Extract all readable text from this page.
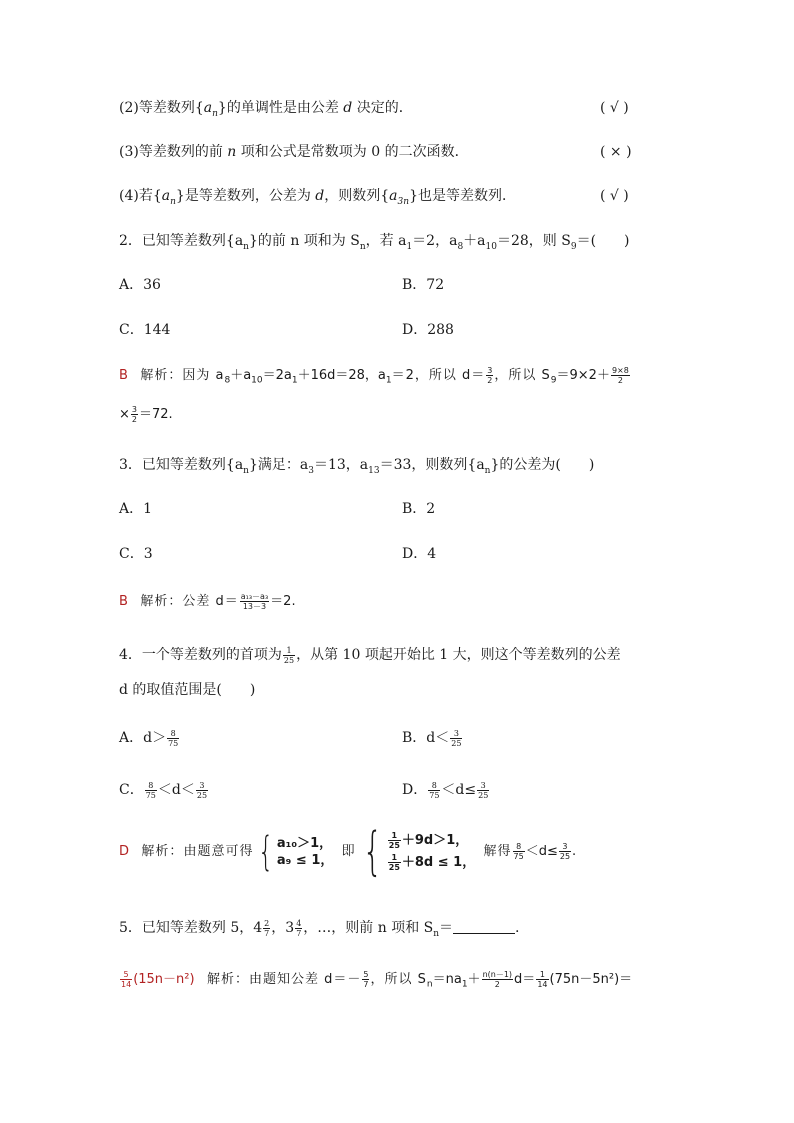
(2)等差数列$\{a_n\}$的单调性是由公差 d 决定的．	( √ )
(3)等差数列的前 n 项和公式是常数项为 0 的二次函数．	( × )
(4)若$\{a_n\}$是等差数列，公差为 d，则数列$\{a_{3n}\}$也是等差数列．	( √ )
2．已知等差数列$\{a_n\}$的前 n 项和为 $S_n$，若 $a_1=2$，$a_8+a_{10}=28$，则 $S_9=$(　　)
A．36	B．72
C．144	D．288
B 解析：因为 $a_8+a_{10}=2a_1+16d=28$，$a_1=2$，所以 $d= \frac{3}{2}$ ，所以 $S_9=9\times 2+ \frac{9\times 8}{2}$
× $\frac{3}{2} =72$.
3．已知等差数列$\{a_n\}$满足：$a_3=13$，$a_{13}=33$，则数列$\{a_n\}$的公差为(　　)
A．1	B．2
C．3	D．4
B 解析：公差 $d= \frac{\text{a₁₃－a₃}}{13-3} =2$.
4．一个等差数列的首项为 $\frac{1}{25}$ ，从第 10 项起开始比 1 大，则这个等差数列的公差
d 的取值范围是(　　)
A．$d> \frac{8}{75}$	B．$d< \frac{3}{25}$
C． $\frac{8}{75} <d< \frac{3}{25}$	D． $\frac{8}{75} <d\le \frac{3}{25}$
D 解析：由题意可得 { a₁₀＞1，
a₉ ≤ 1，
即 { $\frac{1}{25} +9d>1$，
$\frac{1}{25} +8d \le 1$，
解得 $\frac{8}{75} <d\le \frac{3}{25}$ .
5．已知等差数列 5，$4 \frac{2}{7}$ ，$3 \frac{4}{7}$ ，…，则前 n 项和 $S_n=$	.
$\frac{5}{14} (15n-n^2)$ 解析：由题知公差 $d=- \frac{5}{7}$ ，所以 $S_n=na_1+ \frac{n(n-1)}{2} d= \frac{1}{14} (75n-5n^2)=$
